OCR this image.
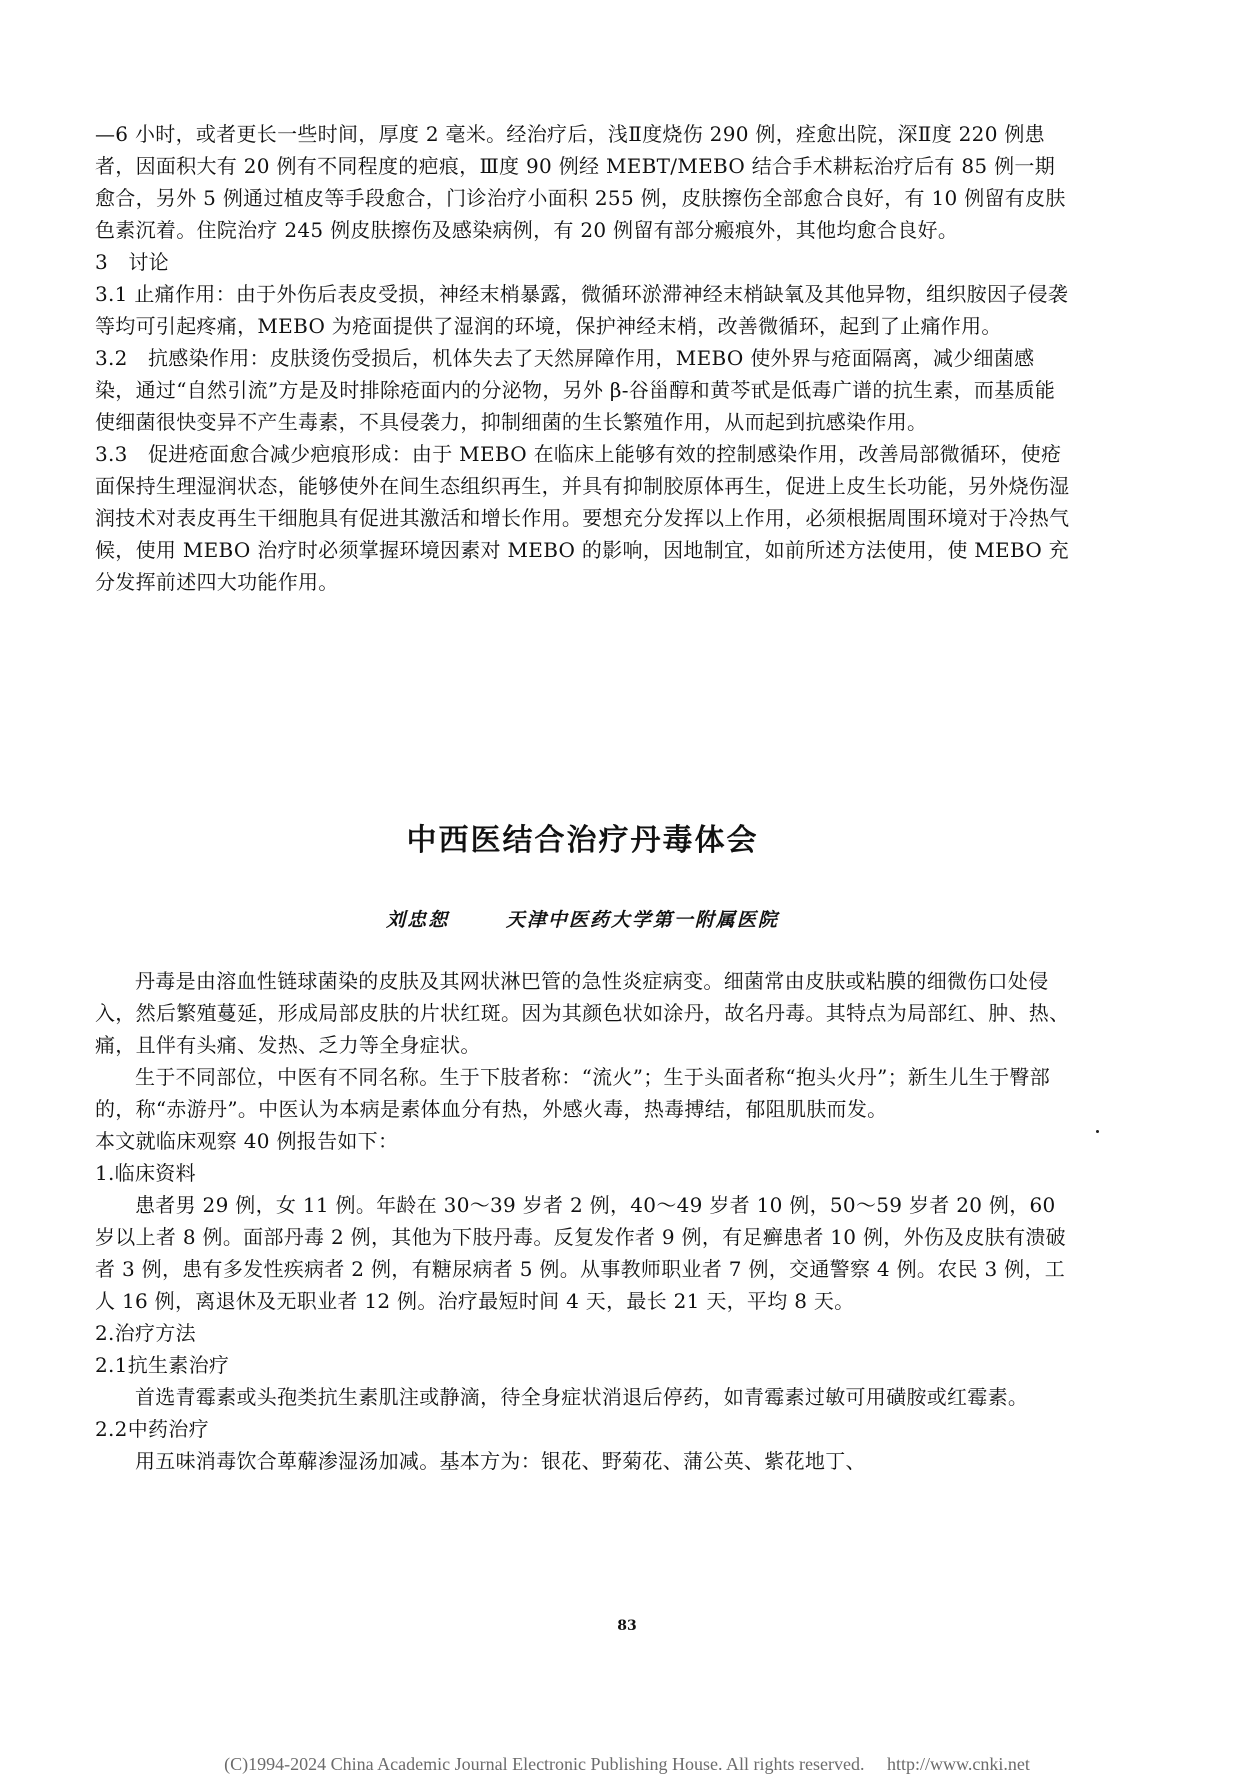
—6 小时，或者更长一些时间，厚度 2 毫米。经治疗后，浅Ⅱ度烧伤 290 例，痊愈出院，深Ⅱ度 220 例患者，因面积大有 20 例有不同程度的疤痕，Ⅲ度 90 例经 MEBT/MEBO 结合手术耕耘治疗后有 85 例一期愈合，另外 5 例通过植皮等手段愈合，门诊治疗小面积 255 例，皮肤擦伤全部愈合良好，有 10 例留有皮肤色素沉着。住院治疗 245 例皮肤擦伤及感染病例，有 20 例留有部分瘢痕外，其他均愈合良好。

3　讨论

3.1 止痛作用：由于外伤后表皮受损，神经末梢暴露，微循环淤滞神经末梢缺氧及其他异物，组织胺因子侵袭等均可引起疼痛，MEBO 为疮面提供了湿润的环境，保护神经末梢，改善微循环，起到了止痛作用。

3.2　抗感染作用：皮肤烫伤受损后，机体失去了天然屏障作用，MEBO 使外界与疮面隔离，减少细菌感染，通过“自然引流”方是及时排除疮面内的分泌物，另外 β-谷甾醇和黄芩甙是低毒广谱的抗生素，而基质能使细菌很快变异不产生毒素，不具侵袭力，抑制细菌的生长繁殖作用，从而起到抗感染作用。

3.3　促进疮面愈合减少疤痕形成：由于 MEBO 在临床上能够有效的控制感染作用，改善局部微循环，使疮面保持生理湿润状态，能够使外在间生态组织再生，并具有抑制胶原体再生，促进上皮生长功能，另外烧伤湿润技术对表皮再生干细胞具有促进其激活和增长作用。要想充分发挥以上作用，必须根据周围环境对于冷热气候，使用 MEBO 治疗时必须掌握环境因素对 MEBO 的影响，因地制宜，如前所述方法使用，使 MEBO 充分发挥前述四大功能作用。

中西医结合治疗丹毒体会
刘忠恕	天津中医药大学第一附属医院

丹毒是由溶血性链球菌染的皮肤及其网状淋巴管的急性炎症病变。细菌常由皮肤或粘膜的细微伤口处侵入，然后繁殖蔓延，形成局部皮肤的片状红斑。因为其颜色状如涂丹，故名丹毒。其特点为局部红、肿、热、痛，且伴有头痛、发热、乏力等全身症状。

生于不同部位，中医有不同名称。生于下肢者称：“流火”；生于头面者称“抱头火丹”；新生儿生于臀部的，称“赤游丹”。中医认为本病是素体血分有热，外感火毒，热毒搏结，郁阻肌肤而发。

本文就临床观察 40 例报告如下：

1.临床资料

患者男 29 例，女 11 例。年龄在 30～39 岁者 2 例，40～49 岁者 10 例，50～59 岁者 20 例，60 岁以上者 8 例。面部丹毒 2 例，其他为下肢丹毒。反复发作者 9 例，有足癣患者 10 例，外伤及皮肤有溃破者 3 例，患有多发性疾病者 2 例，有糖尿病者 5 例。从事教师职业者 7 例，交通警察 4 例。农民 3 例，工人 16 例，离退休及无职业者 12 例。治疗最短时间 4 天，最长 21 天，平均 8 天。

2.治疗方法

2.1抗生素治疗

首选青霉素或头孢类抗生素肌注或静滴，待全身症状消退后停药，如青霉素过敏可用磺胺或红霉素。

2.2中药治疗

用五味消毒饮合萆薢渗湿汤加减。基本方为：银花、野菊花、蒲公英、紫花地丁、

83
(C)1994-2024 China Academic Journal Electronic Publishing House. All rights reserved.　 http://www.cnki.net
